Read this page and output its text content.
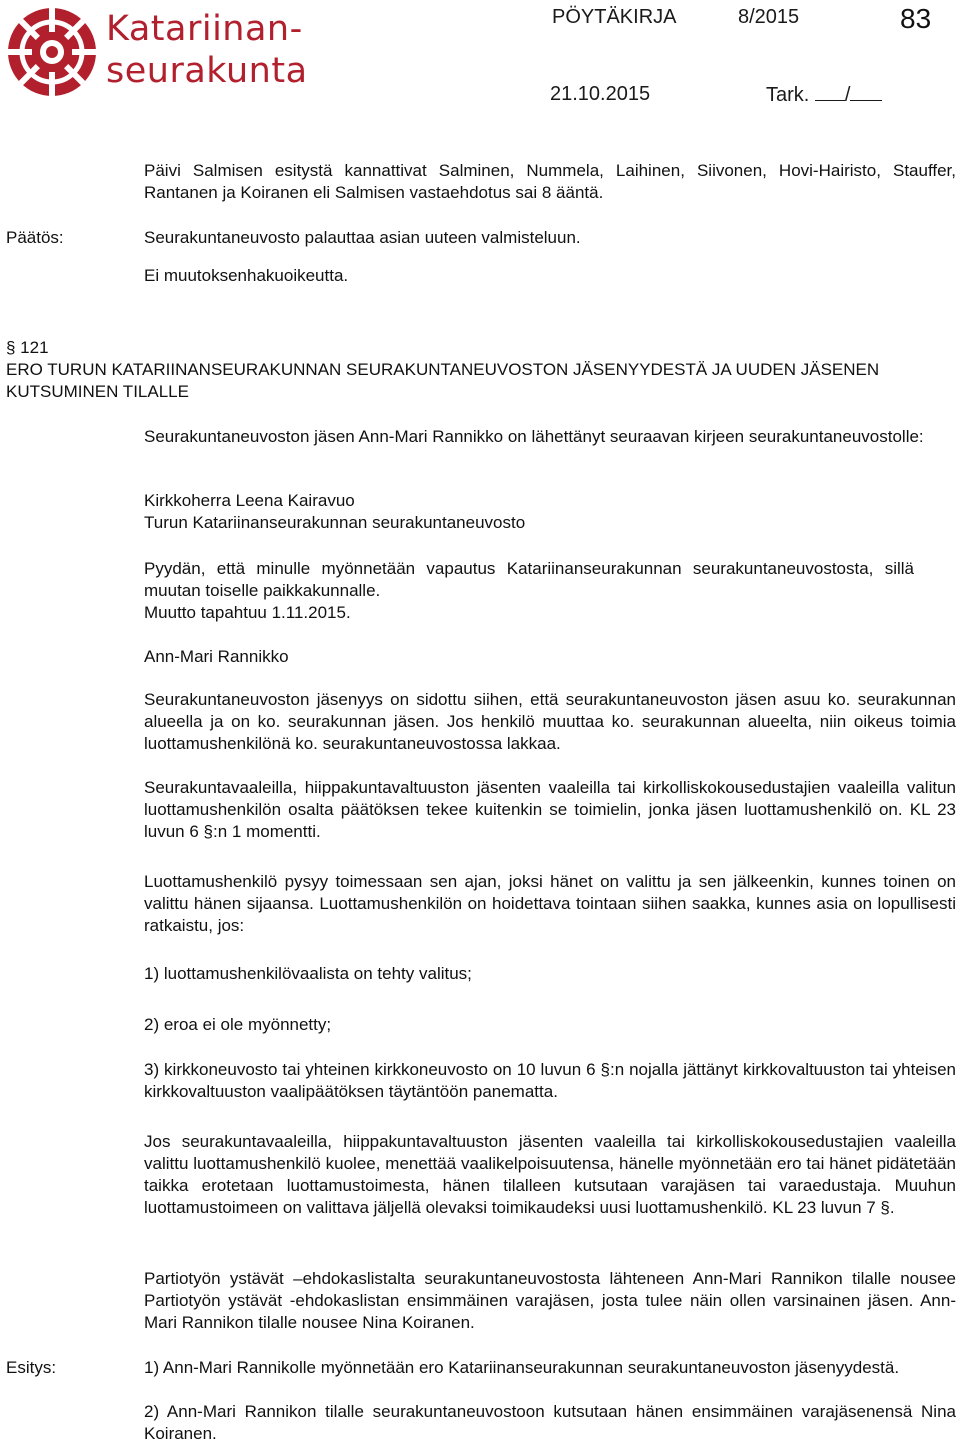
Katariinan-
seurakunta
PÖYTÄKIRJA	8/2015	83
21.10.2015	Tark. /

Päivi Salmisen esitystä kannattivat Salminen, Nummela, Laihinen, Siivonen, Hovi-Hairisto, Stauffer, Rantanen ja Koiranen eli Salmisen vastaehdotus sai 8 ääntä.

Päätös:	Seurakuntaneuvosto palauttaa asian uuteen valmisteluun.

Ei muutoksenhakuoikeutta.

§ 121

ERO TURUN KATARIINANSEURAKUNNAN SEURAKUNTANEUVOSTON JÄSENYYDESTÄ JA UUDEN JÄSENEN KUTSUMINEN TILALLE

Seurakuntaneuvoston jäsen Ann-Mari Rannikko on lähettänyt seuraavan kirjeen seurakuntaneuvostolle:

Kirkkoherra Leena Kairavuo

Turun Katariinanseurakunnan seurakuntaneuvosto

Pyydän, että minulle myönnetään vapautus Katariinanseurakunnan seurakuntaneuvostosta, sillä muutan toiselle paikkakunnalle.

Muutto tapahtuu 1.11.2015.

Ann-Mari Rannikko

Seurakuntaneuvoston jäsenyys on sidottu siihen, että seurakuntaneuvoston jäsen asuu ko. seurakunnan alueella ja on ko. seurakunnan jäsen. Jos henkilö muuttaa ko. seurakunnan alueelta, niin oikeus toimia luottamushenkilönä ko. seurakuntaneuvostossa lakkaa.

Seurakuntavaaleilla, hiippakuntavaltuuston jäsenten vaaleilla tai kirkolliskokousedustajien vaaleilla valitun luottamushenkilön osalta päätöksen tekee kuitenkin se toimielin, jonka jäsen luottamushenkilö on. KL 23 luvun 6 §:n 1 momentti.

Luottamushenkilö pysyy toimessaan sen ajan, joksi hänet on valittu ja sen jälkeenkin, kunnes toinen on valittu hänen sijaansa. Luottamushenkilön on hoidettava tointaan siihen saakka, kunnes asia on lopullisesti ratkaistu, jos:

1) luottamushenkilövaalista on tehty valitus;

2) eroa ei ole myönnetty;

3) kirkkoneuvosto tai yhteinen kirkkoneuvosto on 10 luvun 6 §:n nojalla jättänyt kirkkovaltuuston tai yhteisen kirkkovaltuuston vaalipäätöksen täytäntöön panematta.

Jos seurakuntavaaleilla, hiippakuntavaltuuston jäsenten vaaleilla tai kirkolliskokousedustajien vaaleilla valittu luottamushenkilö kuolee, menettää vaalikelpoisuutensa, hänelle myönnetään ero tai hänet pidätetään taikka erotetaan luottamustoimesta, hänen tilalleen kutsutaan varajäsen tai varaedustaja. Muuhun luottamustoimeen on valittava jäljellä olevaksi toimikaudeksi uusi luottamushenkilö. KL 23 luvun 7 §.

Partiotyön ystävät –ehdokaslistalta seurakuntaneuvostosta lähteneen Ann-Mari Rannikon tilalle nousee Partiotyön ystävät -ehdokaslistan ensimmäinen varajäsen, josta tulee näin ollen varsinainen jäsen. Ann-Mari Rannikon tilalle nousee Nina Koiranen.

Esitys:	1) Ann-Mari Rannikolle myönnetään ero Katariinanseurakunnan seurakuntaneuvoston jäsenyydestä.

2) Ann-Mari Rannikon tilalle seurakuntaneuvostoon kutsutaan hänen ensimmäinen varajäsenensä Nina Koiranen.
